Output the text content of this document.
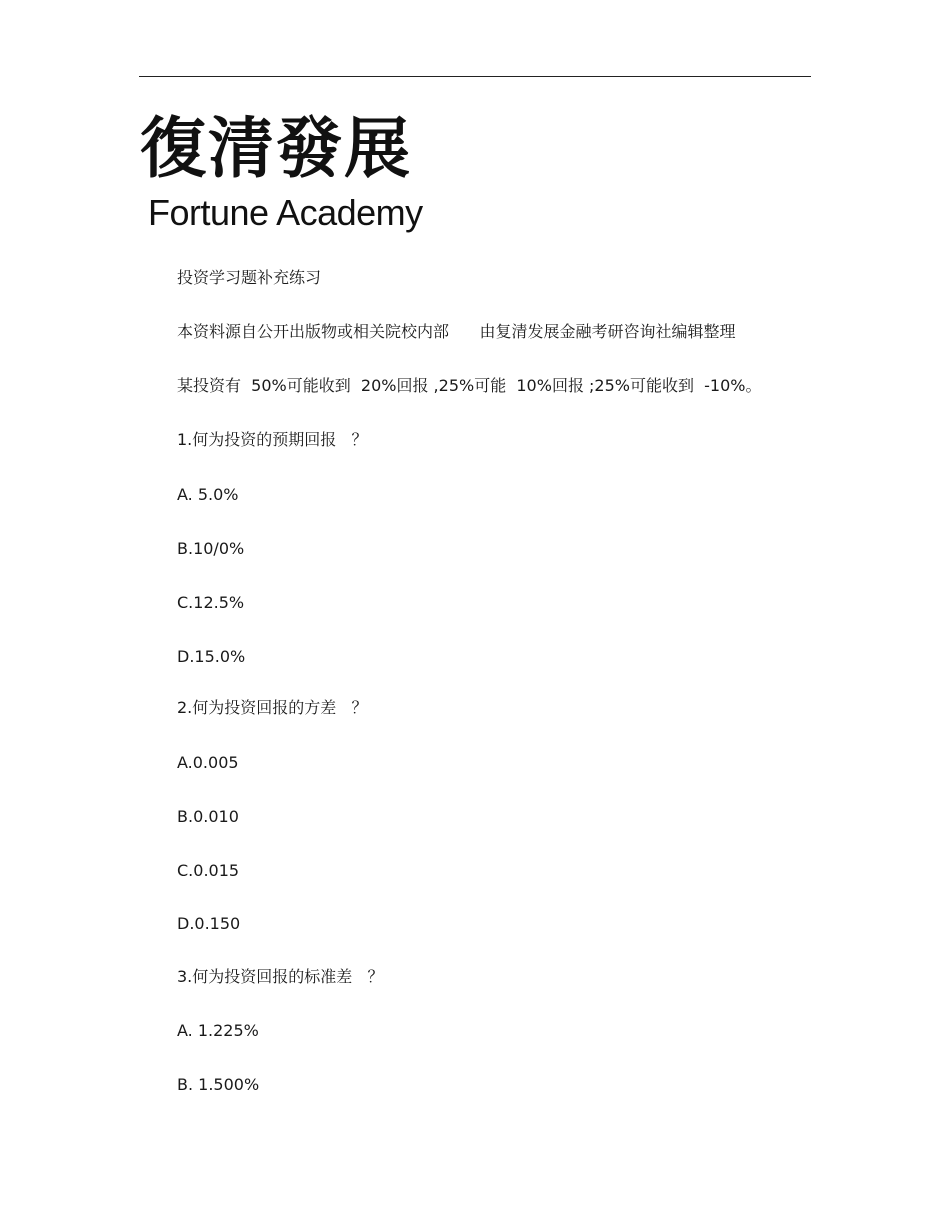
復清發展
Fortune Academy
投资学习题补充练习
本资料源自公开出版物或相关院校内部      由复清发展金融考研咨询社编辑整理
某投资有  50%可能收到  20%回报 ,25%可能  10%回报 ;25%可能收到  -10%。
1.何为投资的预期回报   ？
A. 5.0%
B.10/0%
C.12.5%
D.15.0%
2.何为投资回报的方差   ？
A.0.005
B.0.010
C.0.015
D.0.150
3.何为投资回报的标准差   ？
A. 1.225%
B. 1.500%
